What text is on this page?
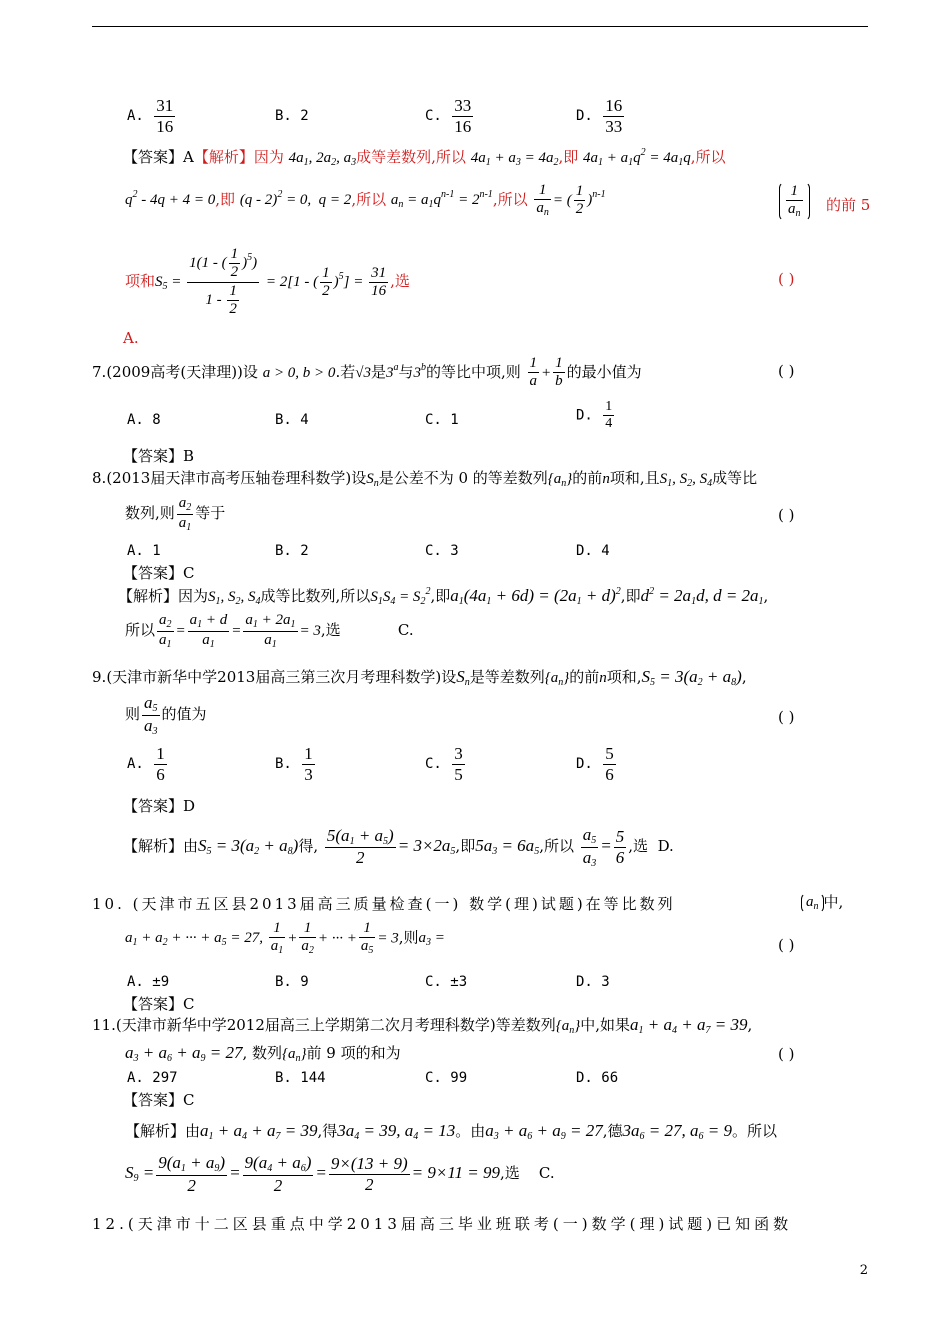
A. $\frac{31}{16}$	B. 2	C. $\frac{33}{16}$	D. $\frac{16}{33}$
【答案】A【解析】因为 $4a_1$, $2a_2$, $a_3$成等差数列,所以 $4a_1 + a_3 = 4a_2$,即 $4a_1 + a_1q^2 = 4a_1q$,所以
$q^2 - 4q + 4 = 0$,即 (q - 2)$^2$ = 0,  q = 2,所以 $a_n = a_1q^{n-1} = 2^{n-1}$,所以 $\frac{1}{a_n}$ = ( $\frac{1}{2} )^{n-1}$	$\frac{1}{a_n}$ 的前 5
项和$S_5 = \frac{1(1 - ( \frac{1}{2} )^5)}{1 - \frac{1}{2}} = 2[1$ - ( $\frac{1}{2} )^5] = \frac{31}{16}$ ,选	( )
A.
7.(2009高考(天津理))设 a > 0, b > 0.若√3是3$^a$与3$^b$的等比中项,则 $\frac{1}{a} + \frac{1}{b}$ 的最小值为	( )
A. 8	B. 4	C. 1	D. $\frac{1}{4}$
【答案】B
8.(2013届天津市高考压轴卷理科数学)设$S_n$是公差不为 0 的等差数列$\{a_n\}$的前n项和,且$S_1$, $S_2$, $S_4$成等比
数列,则 $\frac{a_2}{a_1}$ 等于	( )
A. 1	B. 2	C. 3	D. 4
【答案】C
【解析】因为$S_1$, $S_2$, $S_4$成等比数列,所以$S_1S_4 = S_2^2$,即$a_1(4a_1 + 6d) = (2a_1 + d)^2$,即$d^2 = 2a_1d$, $d = 2a_1$,
所以 $\frac{a_2}{a_1} = \frac{a_1 + d}{a_1} = \frac{a_1 + 2a_1}{a_1} = 3$,选	C.
9.(天津市新华中学2013届高三第三次月考理科数学)设$S_n$是等差数列$\{a_n\}$的前n项和$,S_5 = 3(a_2 + a_8)$,
则 $\frac{a_5}{a_3}$ 的值为	( )
A. $\frac{1}{6}$	B. $\frac{1}{3}$	C. $\frac{3}{5}$	D. $\frac{5}{6}$
【答案】D
【解析】由$S_5 = 3(a_2 + a_8)$得, $\frac{5(a_1 + a_5)}{2} = 3\times 2a_5$,即$5a_3 = 6a_5$,所以 $\frac{a_5}{a_3} = \frac{5}{6}$ ,选 D.
10. (天津市五区县2013届高三质量检查(一) 数学(理)试题)在等比数列	$a_n$ 中,
$a_1 + a_2$ + ··· + $a_5 = 27$, $\frac{1}{a_1} + \frac{1}{a_2}$ + ··· + $\frac{1}{a_5} = 3$,则$a_3$ =	( )
A. ±9	B. 9	C. ±3	D. 3
【答案】C
11.(天津市新华中学2012届高三上学期第二次月考理科数学)等差数列$\{a_n\}$中,如果$a_1 + a_4 + a_7 = 39$,
$a_3 + a_6 + a_9 = 27$, 数列$\{a_n\}$前 9 项的和为	( )
A. 297	B. 144	C. 99	D. 66
【答案】C
【解析】由$a_1 + a_4 + a_7 = 39$,得$3a_4 = 39$, $a_4 = 13$。由$a_3 + a_6 + a_9 = 27$,德$3a_6 = 27$, $a_6 = 9$。所以
$S_9 = \frac{9(a_1 + a_9)}{2} = \frac{9(a_4 + a_6)}{2} = \frac{9\times(13 + 9)}{2} = 9\times 11 = 99$,选 C.
12.(天津市十二区县重点中学2013届高三毕业班联考(一)数学(理)试题)已知函数
2
